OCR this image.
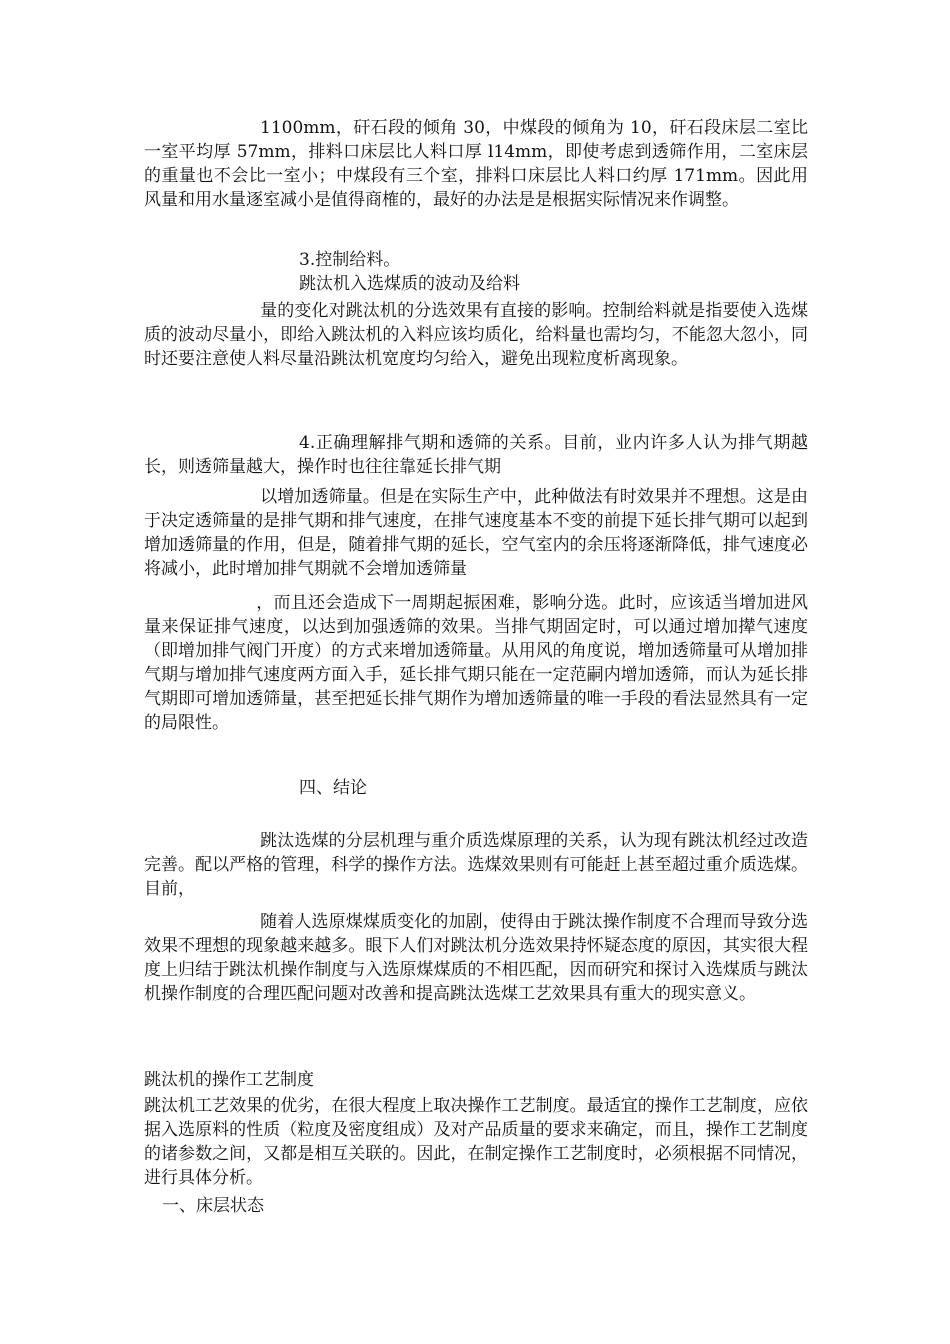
1100mm，矸石段的倾角 30，中煤段的倾角为 10，矸石段床层二室比一室平均厚 57mm，排料口床层比人料口厚 l14mm，即使考虑到透筛作用，二室床层的重量也不会比一室小；中煤段有三个室，排料口床层比人料口约厚 171mm。因此用风量和用水量逐室减小是值得商榷的，最好的办法是是根据实际情况来作调整。

3.控制给料。

跳汰机入选煤质的波动及给料

量的变化对跳汰机的分选效果有直接的影响。控制给料就是指要使入选煤质的波动尽量小，即给入跳汰机的入料应该均质化，给料量也需均匀，不能忽大忽小，同时还要注意使人料尽量沿跳汰机宽度均匀给入，避免出现粒度析离现象。

4.正确理解排气期和透筛的关系。目前，业内许多人认为排气期越长，则透筛量越大，操作时也往往靠延长排气期

以增加透筛量。但是在实际生产中，此种做法有时效果并不理想。这是由于决定透筛量的是排气期和排气速度，在排气速度基本不变的前提下延长排气期可以起到增加透筛量的作用，但是，随着排气期的延长，空气室内的余压将逐渐降低，排气速度必将减小，此时增加排气期就不会增加透筛量

，而且还会造成下一周期起振困难，影响分选。此时，应该适当增加进风量来保证排气速度，以达到加强透筛的效果。当排气期固定时，可以通过增加撵气速度（即增加排气阀门开度）的方式来增加透筛量。从用风的角度说，增加透筛量可从增加排气期与增加排气速度两方面入手，延长排气期只能在一定范嗣内增加透筛，而认为延长排气期即可增加透筛量，甚至把延长排气期作为增加透筛量的唯一手段的看法显然具有一定的局限性。

四、结论

跳汰选煤的分层机理与重介质选煤原理的关系，认为现有跳汰机经过改造完善。配以严格的管理，科学的操作方法。选煤效果则有可能赶上甚至超过重介质选煤。目前，

随着人选原煤煤质变化的加剧，使得由于跳汰操作制度不合理而导致分选效果不理想的现象越来越多。眼下人们对跳汰机分选效果持怀疑态度的原因，其实很大程度上归结于跳汰机操作制度与入选原煤煤质的不相匹配，因而研究和探讨入选煤质与跳汰机操作制度的合理匹配问题对改善和提高跳汰选煤工艺效果具有重大的现实意义。

跳汰机的操作工艺制度

跳汰机工艺效果的优劣，在很大程度上取决操作工艺制度。最适宜的操作工艺制度，应依据入选原料的性质（粒度及密度组成）及对产品质量的要求来确定，而且，操作工艺制度的诸参数之间，又都是相互关联的。因此，在制定操作工艺制度时，必须根据不同情况，进行具体分析。

一、床层状态
